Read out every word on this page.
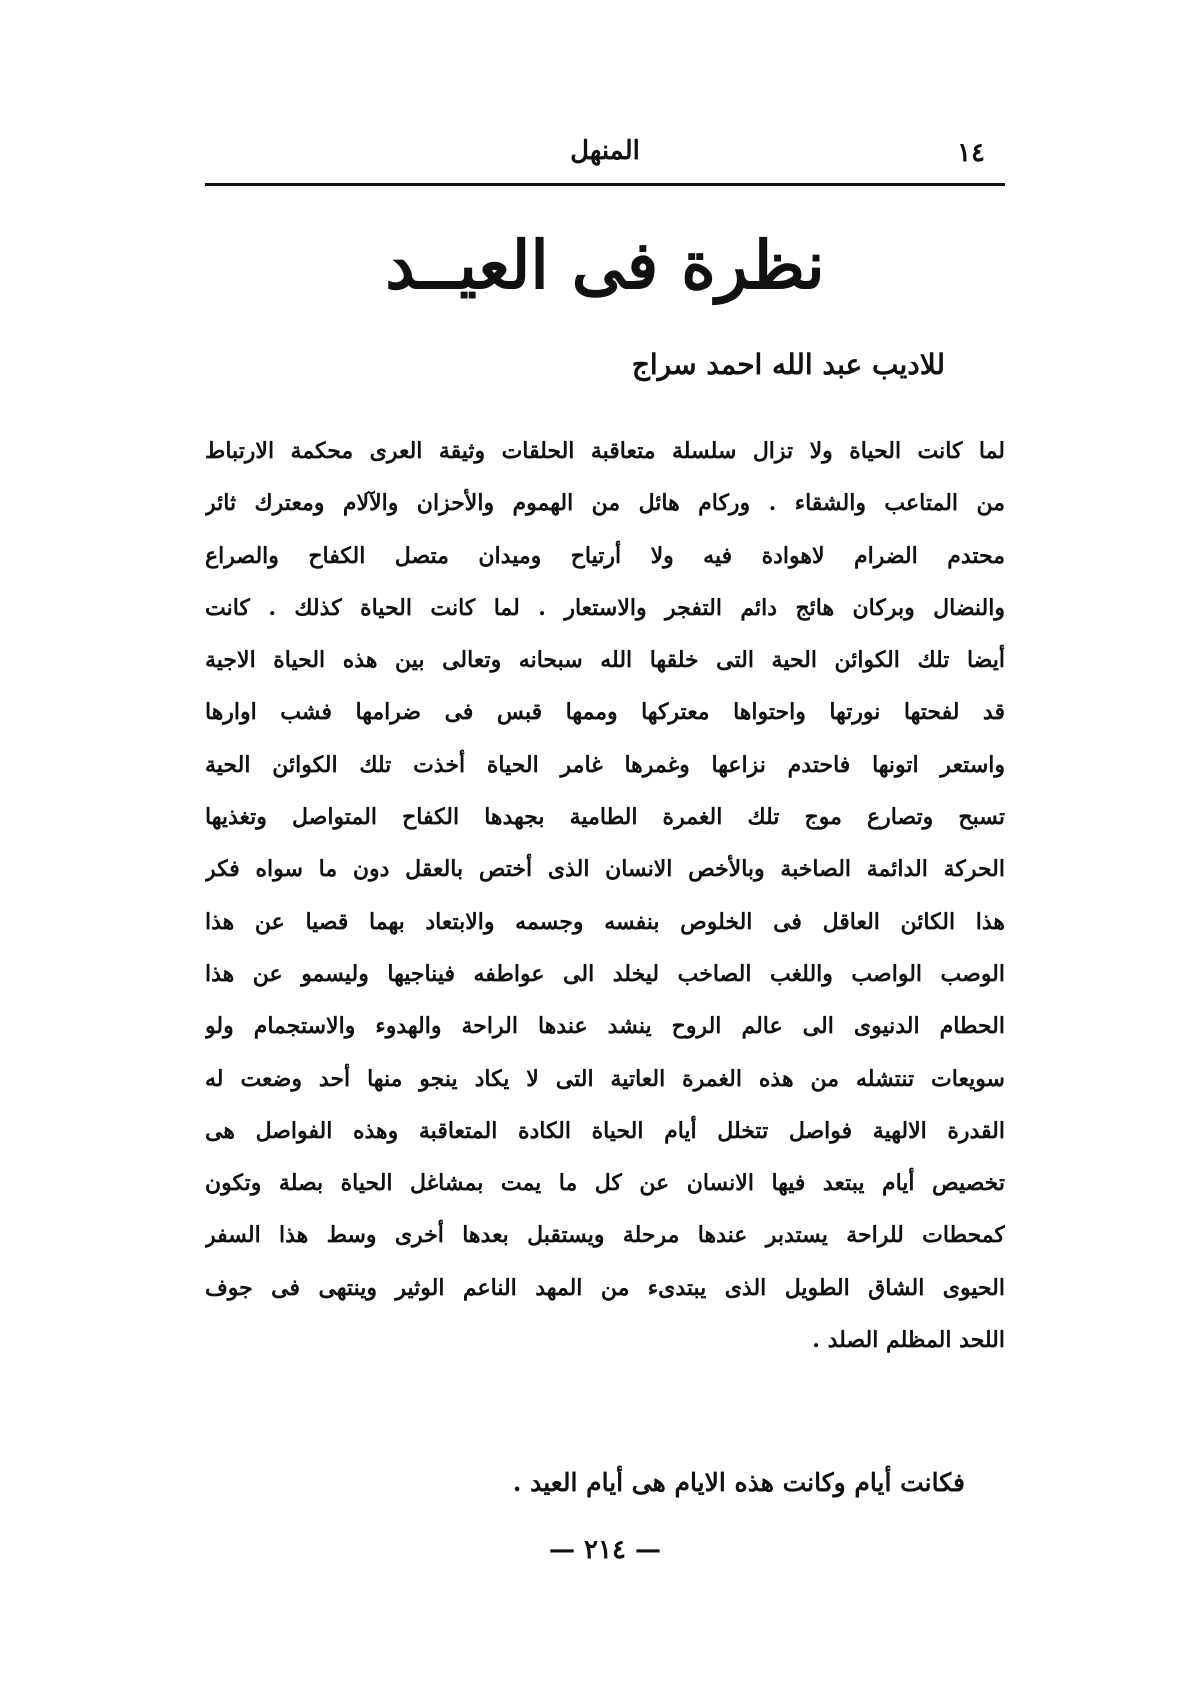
١٤
المنهل
نظرة فى العيــد
للاديب عبد الله احمد سراج
لما كانت الحياة ولا تزال سلسلة متعاقبة الحلقات وثيقة العرى محكمة الارتباط
من المتاعب والشقاء . وركام هائل من الهموم والأحزان والآلام ومعترك ثائر
محتدم الضرام لاهوادة فيه ولا أرتياح وميدان متصل الكفاح والصراع
والنضال وبركان هائج دائم التفجر والاستعار . لما كانت الحياة كذلك . كانت
أيضا تلك الكوائن الحية التى خلقها الله سبحانه وتعالى بين هذه الحياة الاجية
قد لفحتها نورتها واحتواها معتركها وممها قبس فى ضرامها فشب اوارها
واستعر اتونها فاحتدم نزاعها وغمرها غامر الحياة أخذت تلك الكوائن الحية
تسبح وتصارع موج تلك الغمرة الطامية بجهدها الكفاح المتواصل وتغذيها
الحركة الدائمة الصاخبة وبالأخص الانسان الذى أختص بالعقل دون ما سواه فكر
هذا الكائن العاقل فى الخلوص بنفسه وجسمه والابتعاد بهما قصيا عن هذا
الوصب الواصب واللغب الصاخب ليخلد الى عواطفه فيناجيها وليسمو عن هذا
الحطام الدنيوى الى عالم الروح ينشد عندها الراحة والهدوء والاستجمام ولو
سويعات تنتشله من هذه الغمرة العاتية التى لا يكاد ينجو منها أحد وضعت له
القدرة الالهية فواصل تتخلل أيام الحياة الكادة المتعاقبة وهذه الفواصل هى
تخصيص أيام يبتعد فيها الانسان عن كل ما يمت بمشاغل الحياة بصلة وتكون
كمحطات للراحة يستدبر عندها مرحلة ويستقبل بعدها أخرى وسط هذا السفر
الحيوى الشاق الطويل الذى يبتدىء من المهد الناعم الوثير وينتهى فى جوف
اللحد المظلم الصلد .
فكانت أيام وكانت هذه الايام هى أيام العيد .
— ٢١٤ —
